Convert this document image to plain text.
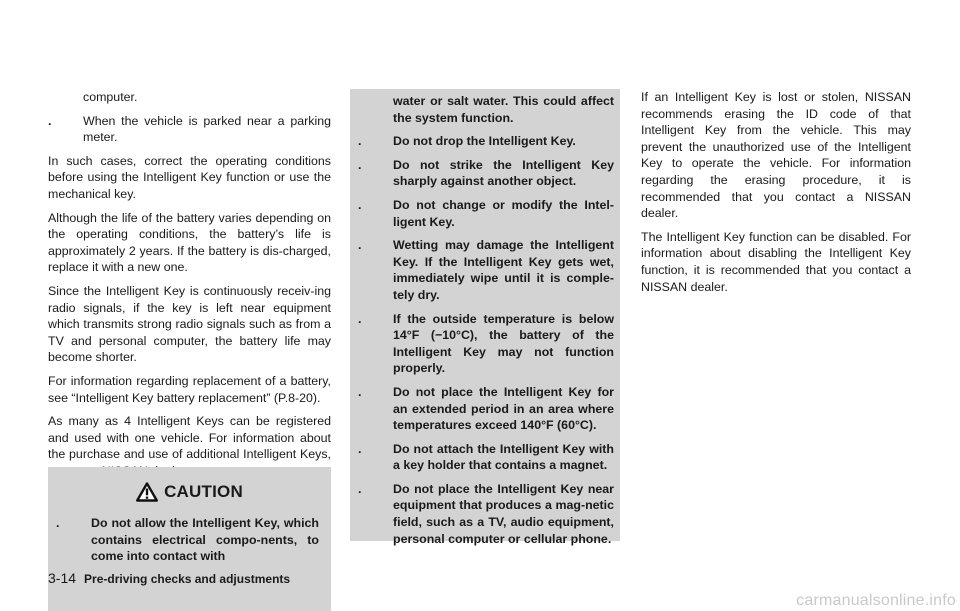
computer.
.	When the vehicle is parked near a parking meter.

In such cases, correct the operating conditions before using the Intelligent Key function or use the mechanical key.

Although the life of the battery varies depending on the operating conditions, the battery’s life is approximately 2 years. If the battery is dis-charged, replace it with a new one.

Since the Intelligent Key is continuously receiv-ing radio signals, if the key is left near equipment which transmits strong radio signals such as from a TV and personal computer, the battery life may become shorter.

For information regarding replacement of a battery, see “Intelligent Key battery replacement” (P.8-20).

As many as 4 Intelligent Keys can be registered and used with one vehicle. For information about the purchase and use of additional Intelligent Keys,

CAUTION
.	Do not allow the Intelligent Key, which contains electrical compo-nents, to come into contact with
water or salt water. This could affect the system function.
.	Do not drop the Intelligent Key.
.	Do not strike the Intelligent Key sharply against another object.
.	Do not change or modify the Intel-ligent Key.
.	Wetting may damage the Intelligent Key. If the Intelligent Key gets wet, immediately wipe until it is comple-tely dry.
.	If the outside temperature is below 14°F (−10°C), the battery of the Intelligent Key may not function properly.
.	Do not place the Intelligent Key for an extended period in an area where temperatures exceed 140°F (60°C).
.	Do not attach the Intelligent Key with a key holder that contains a magnet.
.	Do not place the Intelligent Key near equipment that produces a mag-netic field, such as a TV, audio equipment, personal computer or cellular phone.

If an Intelligent Key is lost or stolen, NISSAN recommends erasing the ID code of that Intelligent Key from the vehicle. This may prevent the unauthorized use of the Intelligent Key to operate the vehicle. For information regarding the erasing procedure, it is recommended that you contact a NISSAN dealer.

The Intelligent Key function can be disabled. For information about disabling the Intelligent Key function, it is recommended that you contact a NISSAN dealer.

3-14 Pre-driving checks and adjustments
carmanualsonline.info
